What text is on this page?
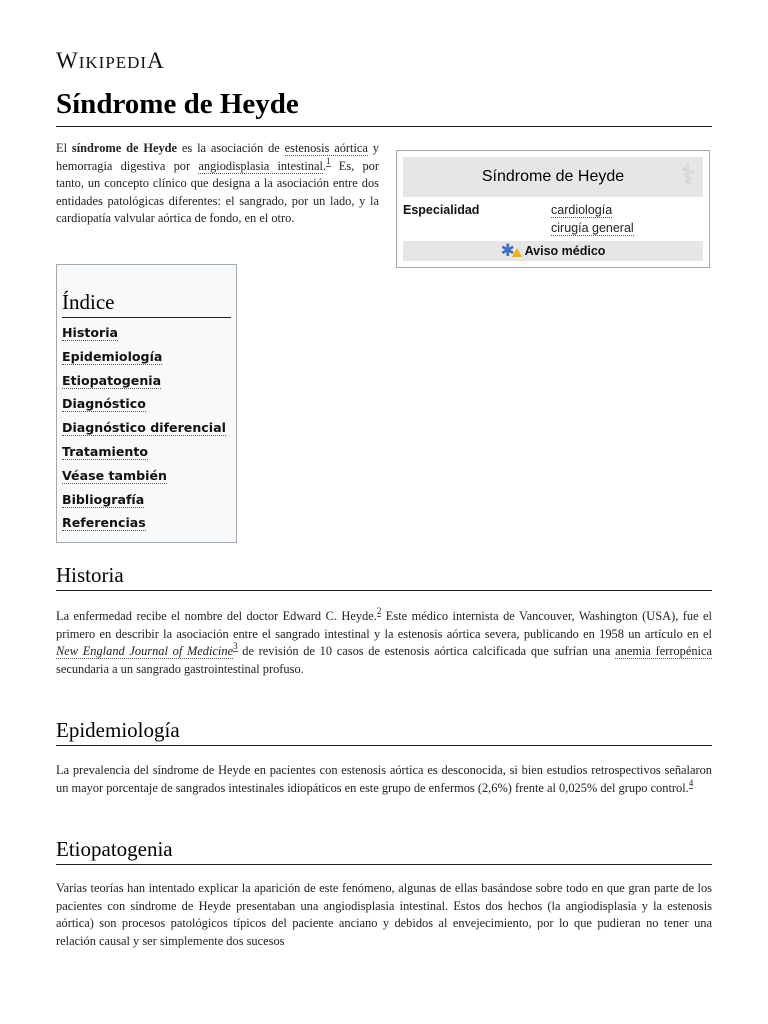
WIKIPEDIA
Síndrome de Heyde

El síndrome de Heyde es la asociación de estenosis aórtica y hemorragia digestiva por angiodisplasia intestinal.$^1$ Es, por tanto, un concepto clínico que designa a la asociación entre dos entidades patológicas diferentes: el sangrado, por un lado, y la cardiopatía valvular aórtica de fondo, en el otro.

Síndrome de Heyde	⚕
Especialidad	cardiología
cirugía general
✱ Aviso médico
Índice
Historia
Epidemiología
Etiopatogenia
Diagnóstico
Diagnóstico diferencial
Tratamiento
Véase también
Bibliografía
Referencias
Historia

La enfermedad recibe el nombre del doctor Edward C. Heyde.$^2$ Este médico internista de Vancouver, Washington (USA), fue el primero en describir la asociación entre el sangrado intestinal y la estenosis aórtica severa, publicando en 1958 un artículo en el New England Journal of Medicine$^3$ de revisión de 10 casos de estenosis aórtica calcificada que sufrían una anemia ferropénica secundaria a un sangrado gastrointestinal profuso.

Epidemiología

La prevalencia del síndrome de Heyde en pacientes con estenosis aórtica es desconocida, si bien estudios retrospectivos señalaron un mayor porcentaje de sangrados intestinales idiopáticos en este grupo de enfermos (2,6%) frente al 0,025% del grupo control.$^4$

Etiopatogenia

Varias teorías han intentado explicar la aparición de este fenómeno, algunas de ellas basándose sobre todo en que gran parte de los pacientes con síndrome de Heyde presentaban una angiodisplasia intestinal. Estos dos hechos (la angiodisplasia y la estenosis aórtica) son procesos patológicos típicos del paciente anciano y debidos al envejecimiento, por lo que pudieran no tener una relación causal y ser simplemente dos sucesos
